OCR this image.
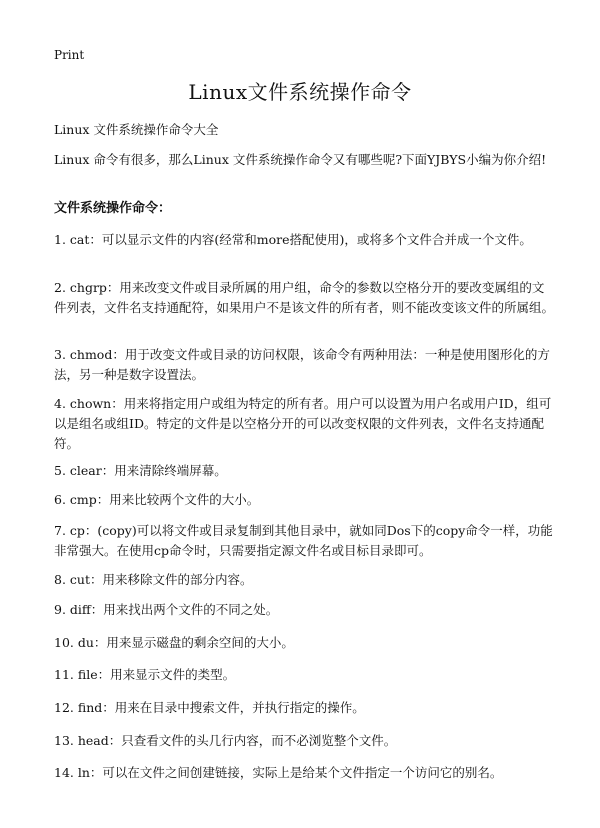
Print
Linux文件系统操作命令
Linux 文件系统操作命令大全
Linux 命令有很多，那么Linux 文件系统操作命令又有哪些呢?下面YJBYS小编为你介绍!
文件系统操作命令：

1. cat：可以显示文件的内容(经常和more搭配使用)，或将多个文件合并成一个文件。

2. chgrp：用来改变文件或目录所属的用户组，命令的参数以空格分开的要改变属组的文件列表，文件名支持通配符，如果用户不是该文件的所有者，则不能改变该文件的所属组。

3. chmod：用于改变文件或目录的访问权限，该命令有两种用法：一种是使用图形化的方法，另一种是数字设置法。

4. chown：用来将指定用户或组为特定的所有者。用户可以设置为用户名或用户ID，组可以是组名或组ID。特定的文件是以空格分开的可以改变权限的文件列表，文件名支持通配符。

5. clear：用来清除终端屏幕。

6. cmp：用来比较两个文件的大小。

7. cp：(copy)可以将文件或目录复制到其他目录中，就如同Dos下的copy命令一样，功能非常强大。在使用cp命令时，只需要指定源文件名或目标目录即可。

8. cut：用来移除文件的部分内容。

9. diff：用来找出两个文件的不同之处。

10. du：用来显示磁盘的剩余空间的大小。

11. file：用来显示文件的类型。

12. find：用来在目录中搜索文件，并执行指定的操作。

13. head：只查看文件的头几行内容，而不必浏览整个文件。

14. ln：可以在文件之间创建链接，实际上是给某个文件指定一个访问它的别名。
